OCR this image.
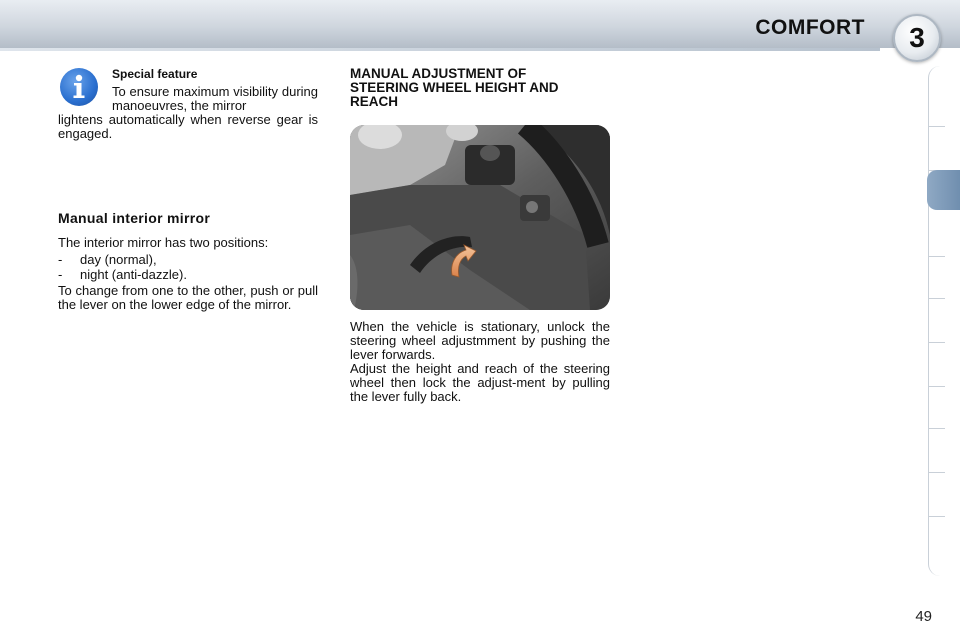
COMFORT 3
Special feature
To ensure maximum visibility during manoeuvres, the mirror
lightens automatically when reverse gear is engaged.
Manual interior mirror
The interior mirror has two positions:
- day (normal),
- night (anti-dazzle).
To change from one to the other, push or pull the lever on the lower edge of the mirror.
MANUAL ADJUSTMENT OF STEERING WHEEL HEIGHT AND REACH
When the vehicle is stationary, unlock the steering wheel adjustmment by pushing the lever forwards.
Adjust the height and reach of the steering wheel then lock the adjust-ment by pulling the lever fully back.
49
